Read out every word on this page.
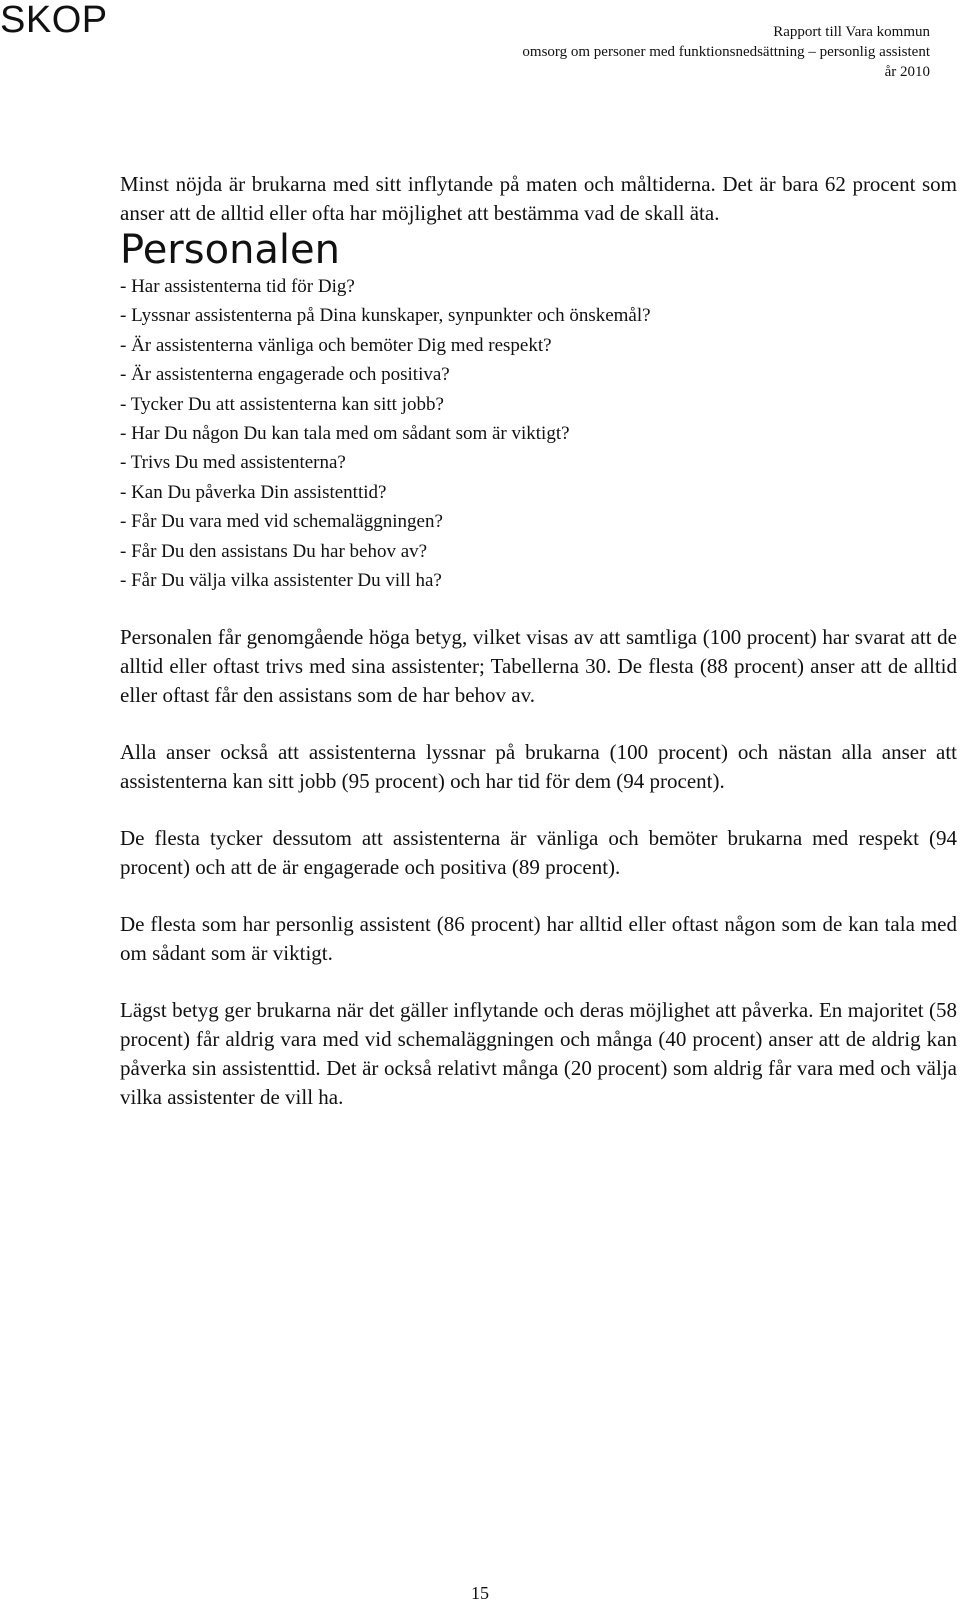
SKOP	Rapport till Vara kommun
omsorg om personer med funktionsnedsättning – personlig assistent
år 2010

Minst nöjda är brukarna med sitt inflytande på maten och måltiderna. Det är bara 62 procent som anser att de alltid eller ofta har möjlighet att bestämma vad de skall äta.

Personalen
- Har assistenterna tid för Dig?
- Lyssnar assistenterna på Dina kunskaper, synpunkter och önskemål?
- Är assistenterna vänliga och bemöter Dig med respekt?
- Är assistenterna engagerade och positiva?
- Tycker Du att assistenterna kan sitt jobb?
- Har Du någon Du kan tala med om sådant som är viktigt?
- Trivs Du med assistenterna?
- Kan Du påverka Din assistenttid?
- Får Du vara med vid schemaläggningen?
- Får Du den assistans Du har behov av?
- Får Du välja vilka assistenter Du vill ha?

Personalen får genomgående höga betyg, vilket visas av att samtliga (100 procent) har svarat att de alltid eller oftast trivs med sina assistenter; Tabellerna 30. De flesta (88 procent) anser att de alltid eller oftast får den assistans som de har behov av.

Alla anser också att assistenterna lyssnar på brukarna (100 procent) och nästan alla anser att assistenterna kan sitt jobb (95 procent) och har tid för dem (94 procent).

De flesta tycker dessutom att assistenterna är vänliga och bemöter brukarna med respekt (94 procent) och att de är engagerade och positiva (89 procent).

De flesta som har personlig assistent (86 procent) har alltid eller oftast någon som de kan tala med om sådant som är viktigt.

Lägst betyg ger brukarna när det gäller inflytande och deras möjlighet att påverka. En majoritet (58 procent) får aldrig vara med vid schemaläggningen och många (40 procent) anser att de aldrig kan påverka sin assistenttid. Det är också relativt många (20 procent) som aldrig får vara med och välja vilka assistenter de vill ha.

15
